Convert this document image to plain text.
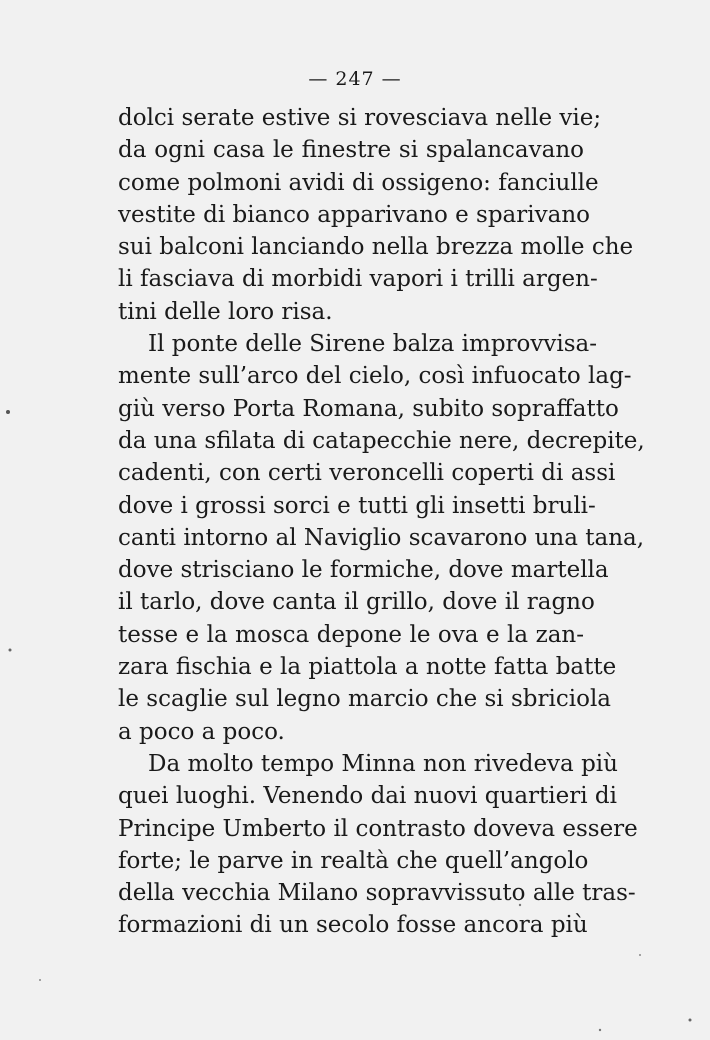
— 247 —
dolci serate estive si rovesciava nelle vie;
da ogni casa le finestre si spalancavano
come polmoni avidi di ossigeno: fanciulle
vestite di bianco apparivano e sparivano
sui balconi lanciando nella brezza molle che
li fasciava di morbidi vapori i trilli argen-
tini delle loro risa.
Il ponte delle Sirene balza improvvisa-
mente sull’arco del cielo, così infuocato lag-
giù verso Porta Romana, subito sopraffatto
da una sfilata di catapecchie nere, decrepite,
cadenti, con certi veroncelli coperti di assi
dove i grossi sorci e tutti gli insetti bruli-
canti intorno al Naviglio scavarono una tana,
dove strisciano le formiche, dove martella
il tarlo, dove canta il grillo, dove il ragno
tesse e la mosca depone le ova e la zan-
zara fischia e la piattola a notte fatta batte
le scaglie sul legno marcio che si sbriciola
a poco a poco.
Da molto tempo Minna non rivedeva più
quei luoghi. Venendo dai nuovi quartieri di
Principe Umberto il contrasto doveva essere
forte; le parve in realtà che quell’angolo
della vecchia Milano sopravvissuto alle tras-
formazioni di un secolo fosse ancora più
